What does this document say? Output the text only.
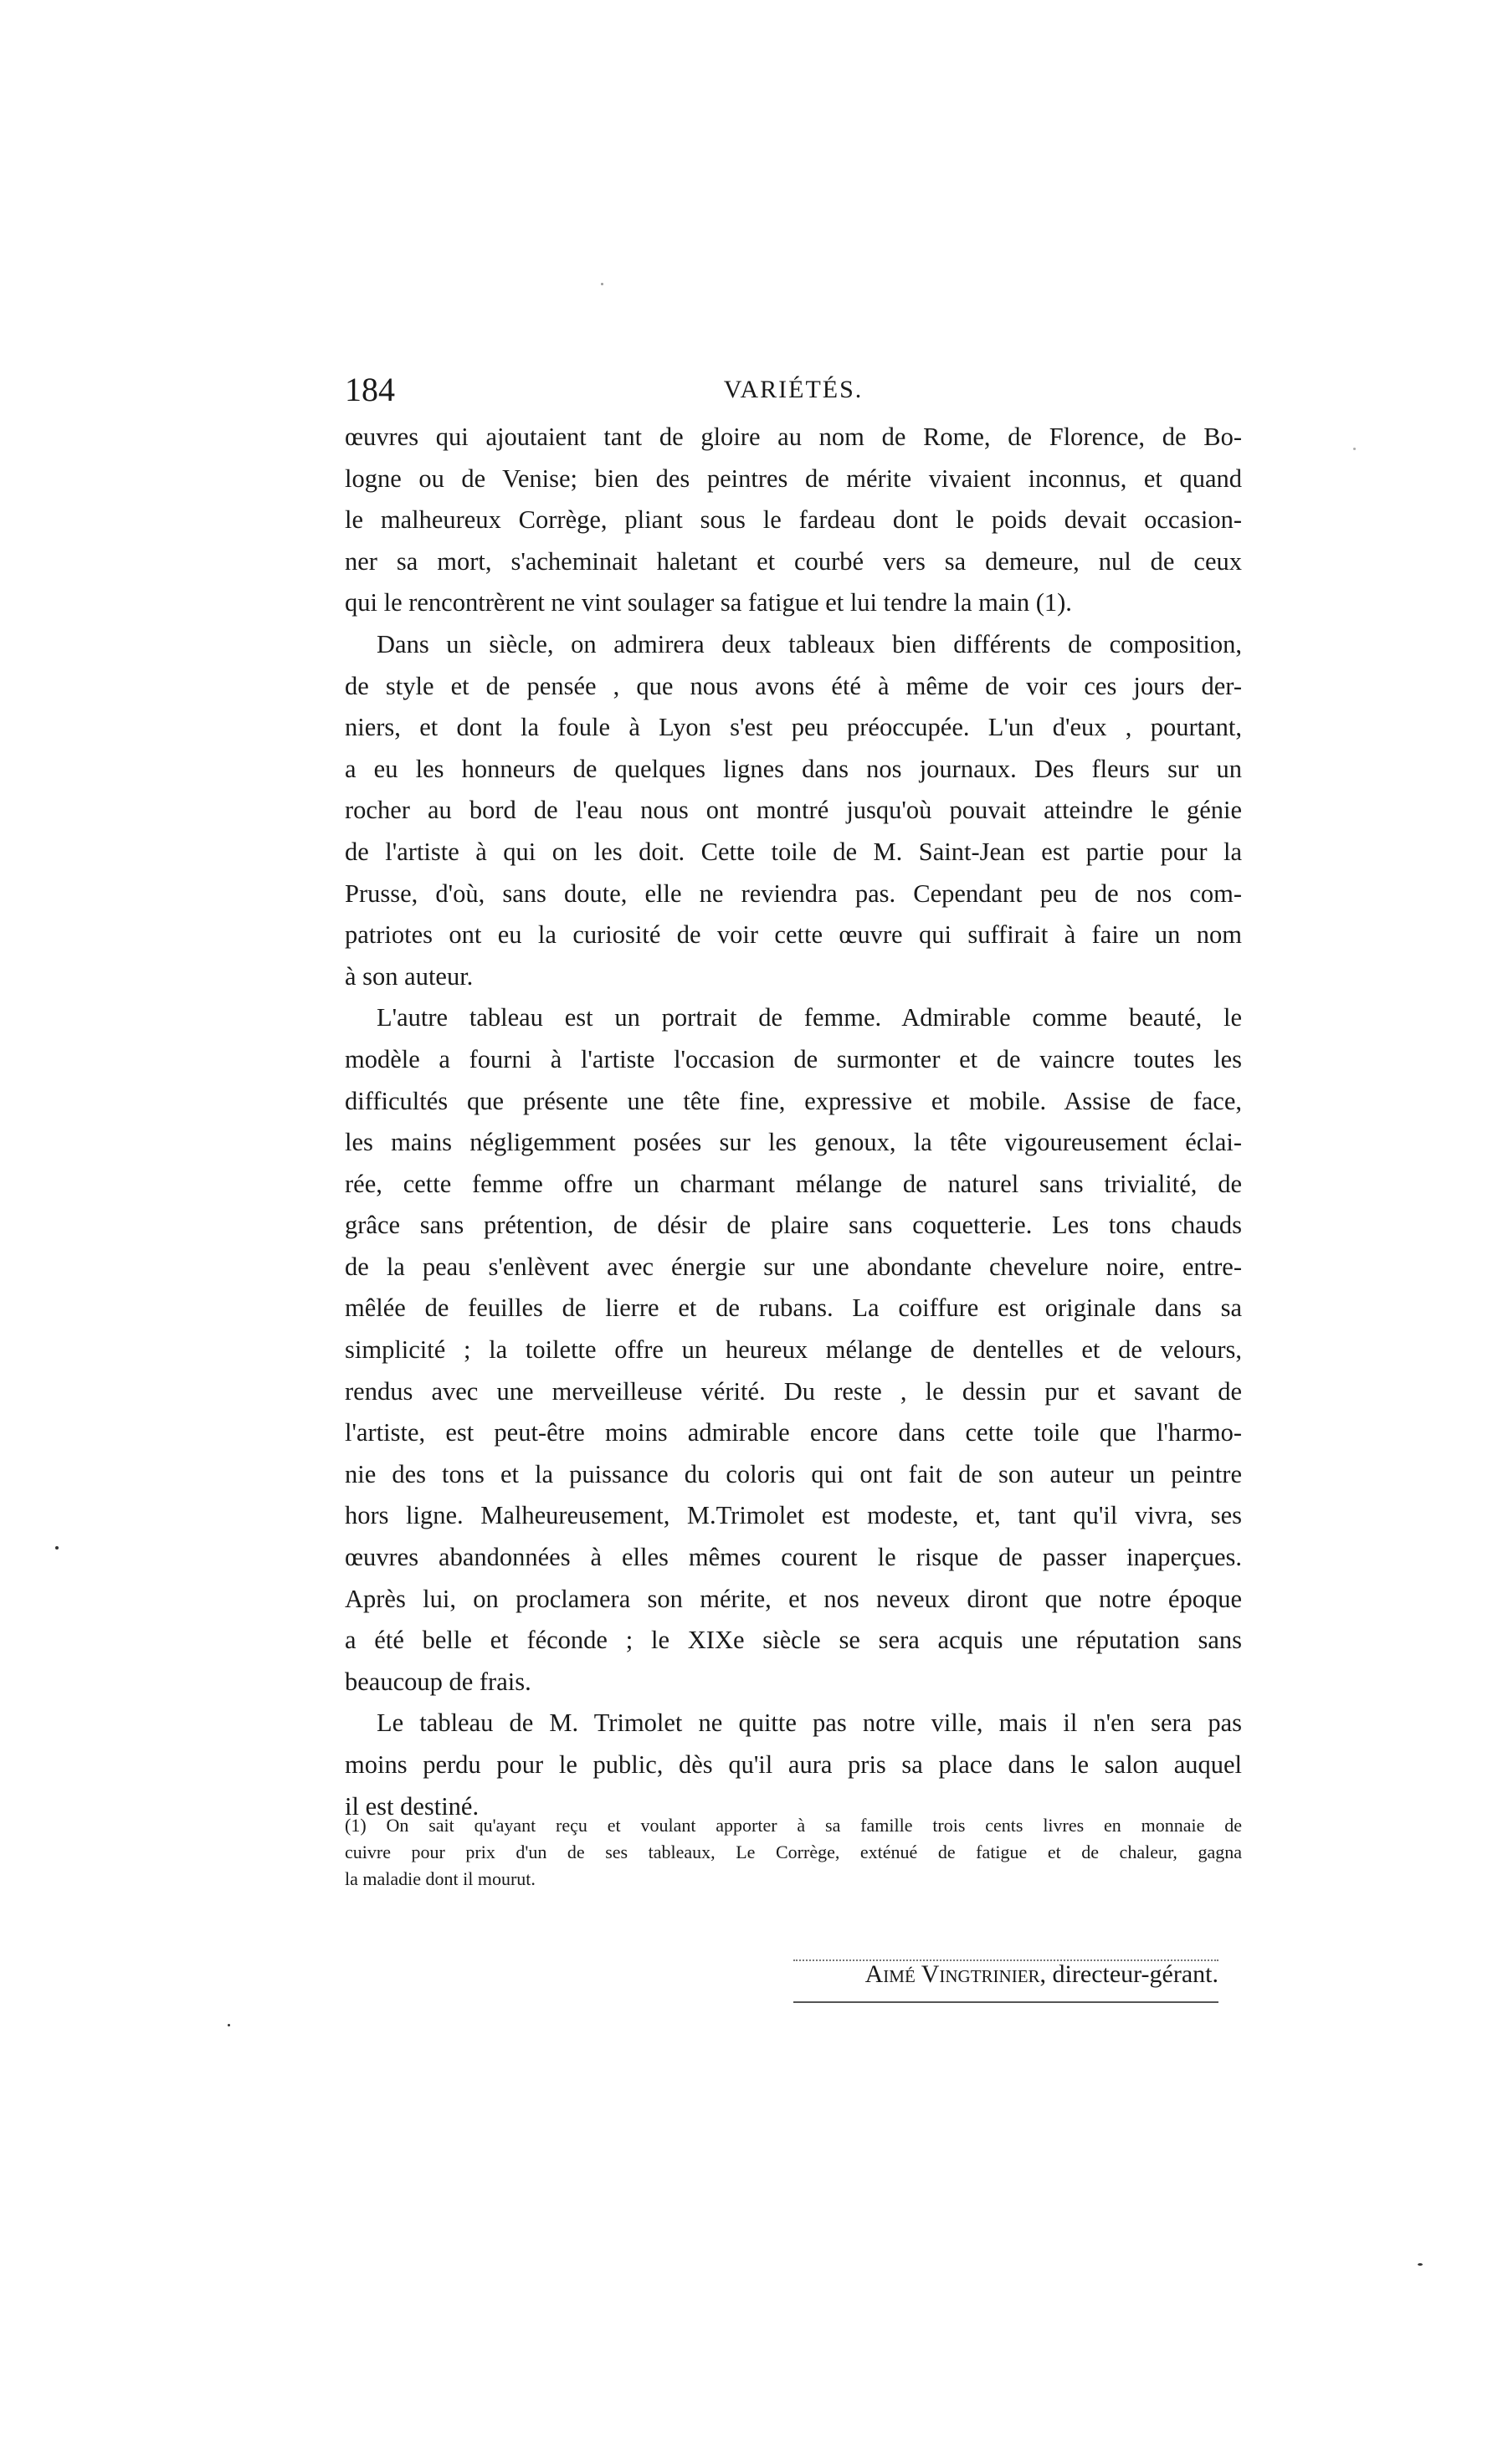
184	VARIÉTÉS.
œuvres qui ajoutaient tant de gloire au nom de Rome, de Florence, de Bo-
logne ou de Venise; bien des peintres de mérite vivaient inconnus, et quand
le malheureux Corrège, pliant sous le fardeau dont le poids devait occasion-
ner sa mort, s'acheminait haletant et courbé vers sa demeure, nul de ceux
qui le rencontrèrent ne vint soulager sa fatigue et lui tendre la main (1).
Dans un siècle, on admirera deux tableaux bien différents de composition,
de style et de pensée , que nous avons été à même de voir ces jours der-
niers, et dont la foule à Lyon s'est peu préoccupée. L'un d'eux , pourtant,
a eu les honneurs de quelques lignes dans nos journaux. Des fleurs sur un
rocher au bord de l'eau nous ont montré jusqu'où pouvait atteindre le génie
de l'artiste à qui on les doit. Cette toile de M. Saint-Jean est partie pour la
Prusse, d'où, sans doute, elle ne reviendra pas. Cependant peu de nos com-
patriotes ont eu la curiosité de voir cette œuvre qui suffirait à faire un nom
à son auteur.
L'autre tableau est un portrait de femme. Admirable comme beauté, le
modèle a fourni à l'artiste l'occasion de surmonter et de vaincre toutes les
difficultés que présente une tête fine, expressive et mobile. Assise de face,
les mains négligemment posées sur les genoux, la tête vigoureusement éclai-
rée, cette femme offre un charmant mélange de naturel sans trivialité, de
grâce sans prétention, de désir de plaire sans coquetterie. Les tons chauds
de la peau s'enlèvent avec énergie sur une abondante chevelure noire, entre-
mêlée de feuilles de lierre et de rubans. La coiffure est originale dans sa
simplicité ; la toilette offre un heureux mélange de dentelles et de velours,
rendus avec une merveilleuse vérité. Du reste , le dessin pur et savant de
l'artiste, est peut-être moins admirable encore dans cette toile que l'harmo-
nie des tons et la puissance du coloris qui ont fait de son auteur un peintre
hors ligne. Malheureusement, M.Trimolet est modeste, et, tant qu'il vivra, ses
œuvres abandonnées à elles mêmes courent le risque de passer inaperçues.
Après lui, on proclamera son mérite, et nos neveux diront que notre époque
a été belle et féconde ; le XIXe siècle se sera acquis une réputation sans
beaucoup de frais.
Le tableau de M. Trimolet ne quitte pas notre ville, mais il n'en sera pas
moins perdu pour le public, dès qu'il aura pris sa place dans le salon auquel
il est destiné.
(1) On sait qu'ayant reçu et voulant apporter à sa famille trois cents livres en monnaie de
cuivre pour prix d'un de ses tableaux, Le Corrège, exténué de fatigue et de chaleur, gagna
la maladie dont il mourut.
Aimé Vingtrinier, directeur-gérant.
